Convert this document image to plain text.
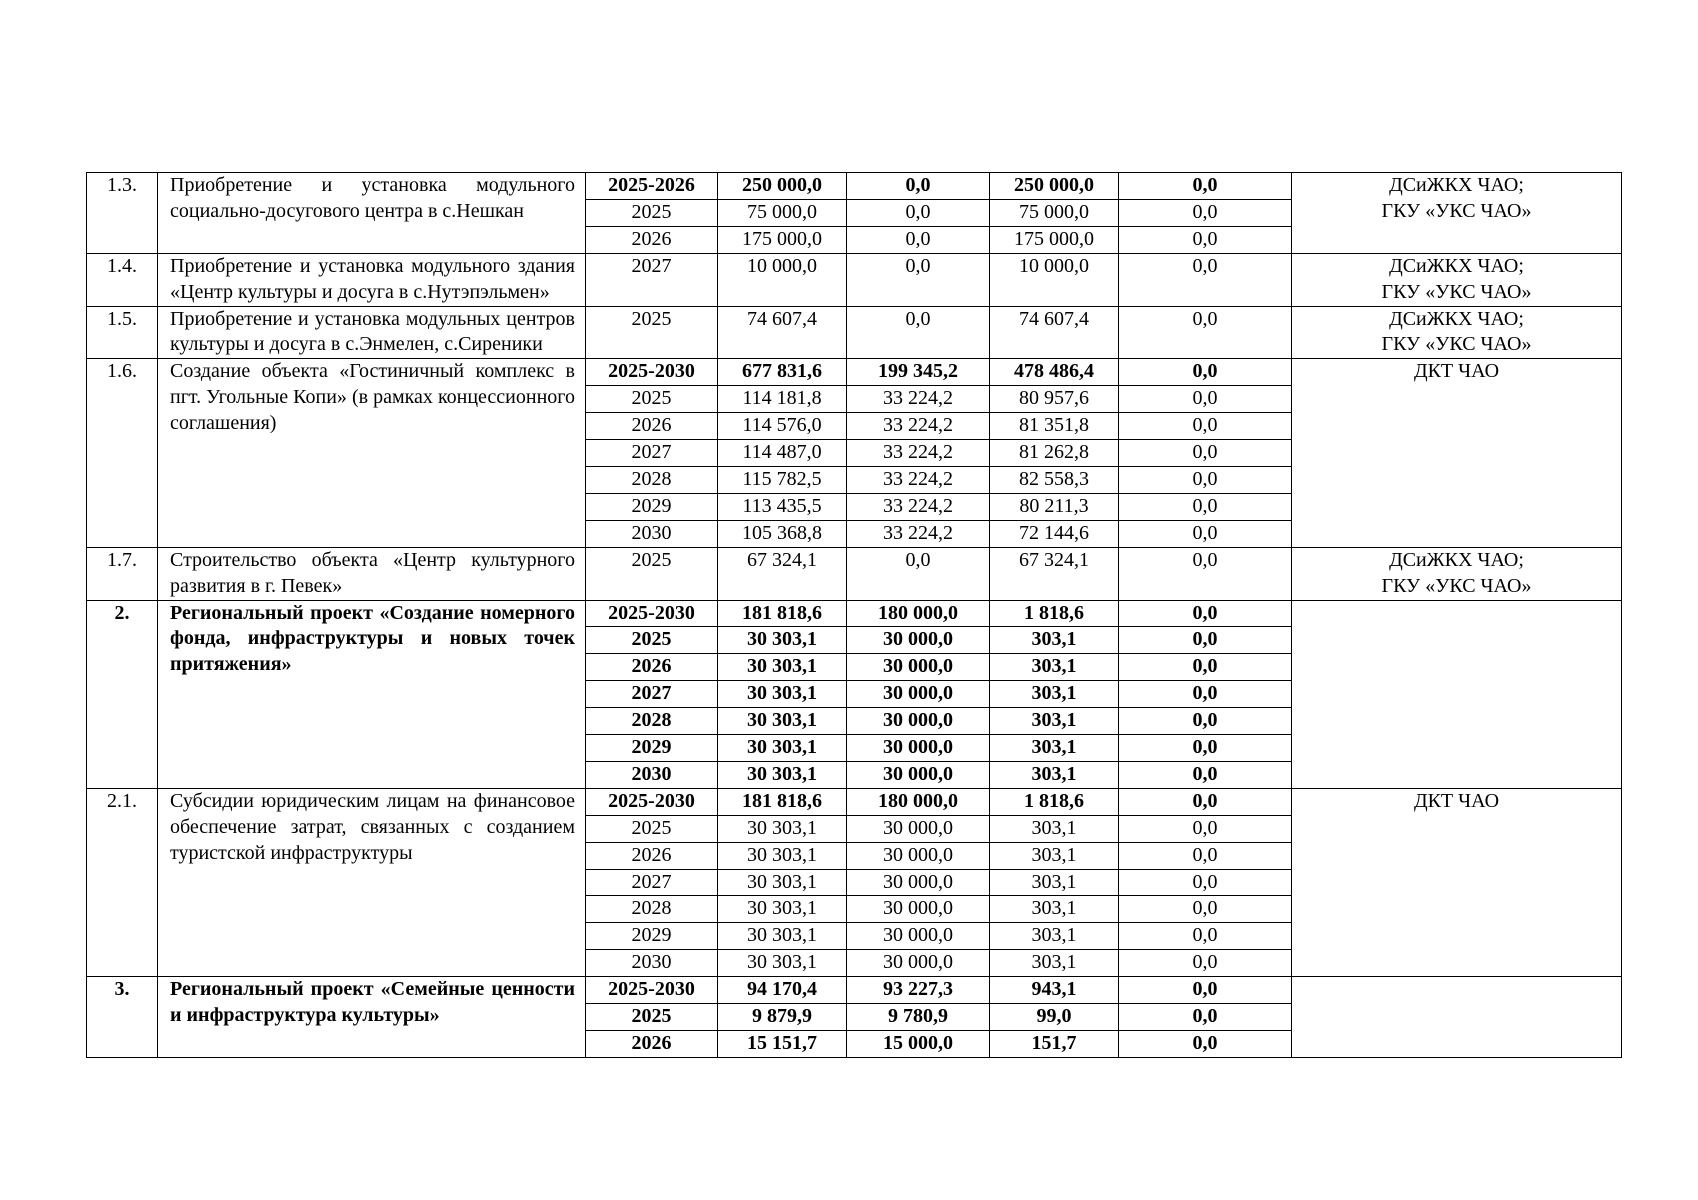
1.3.	Приобретение и установка модульного социально-досугового центра в с.Нешкан	2025-2026	250 000,0	0,0	250 000,0	0,0	ДСиЖКХ ЧАО;
ГКУ «УКС ЧАО»
		2025	75 000,0	0,0	75 000,0	0,0	
		2026	175 000,0	0,0	175 000,0	0,0	
1.4.	Приобретение и установка модульного здания «Центр культуры и досуга в с.Нутэпэльмен»	2027	10 000,0	0,0	10 000,0	0,0	ДСиЖКХ ЧАО;
ГКУ «УКС ЧАО»

1.5.	Приобретение и установка модульных центров культуры и досуга в с.Энмелен, с.Сиреники	2025	74 607,4	0,0	74 607,4	0,0	ДСиЖКХ ЧАО;
ГКУ «УКС ЧАО»

1.6.	Создание объекта «Гостиничный комплекс в пгт. Угольные Копи» (в рамках концессионного соглашения)	2025-2030	677 831,6	199 345,2	478 486,4	0,0	ДКТ ЧАО
		2025	114 181,8	33 224,2	80 957,6	0,0	
		2026	114 576,0	33 224,2	81 351,8	0,0	
		2027	114 487,0	33 224,2	81 262,8	0,0	
		2028	115 782,5	33 224,2	82 558,3	0,0	
		2029	113 435,5	33 224,2	80 211,3	0,0	
		2030	105 368,8	33 224,2	72 144,6	0,0	
1.7.	Строительство объекта «Центр культурного развития в г. Певек»	2025	67 324,1	0,0	67 324,1	0,0	ДСиЖКХ ЧАО;
ГКУ «УКС ЧАО»

2.	Региональный проект «Создание номерного фонда, инфраструктуры и новых точек притяжения»	2025-2030	181 818,6	180 000,0	1 818,6	0,0	
		2025	30 303,1	30 000,0	303,1	0,0	
		2026	30 303,1	30 000,0	303,1	0,0	
		2027	30 303,1	30 000,0	303,1	0,0	
		2028	30 303,1	30 000,0	303,1	0,0	
		2029	30 303,1	30 000,0	303,1	0,0	
		2030	30 303,1	30 000,0	303,1	0,0	
2.1.	Субсидии юридическим лицам на финансовое обеспечение затрат, связанных с созданием туристской инфраструктуры	2025-2030	181 818,6	180 000,0	1 818,6	0,0	ДКТ ЧАО
		2025	30 303,1	30 000,0	303,1	0,0	
		2026	30 303,1	30 000,0	303,1	0,0	
		2027	30 303,1	30 000,0	303,1	0,0	
		2028	30 303,1	30 000,0	303,1	0,0	
		2029	30 303,1	30 000,0	303,1	0,0	
		2030	30 303,1	30 000,0	303,1	0,0	
3.	Региональный проект «Семейные ценности и инфраструктура культуры»	2025-2030	94 170,4	93 227,3	943,1	0,0	
		2025	9 879,9	9 780,9	99,0	0,0	
		2026	15 151,7	15 000,0	151,7	0,0	
